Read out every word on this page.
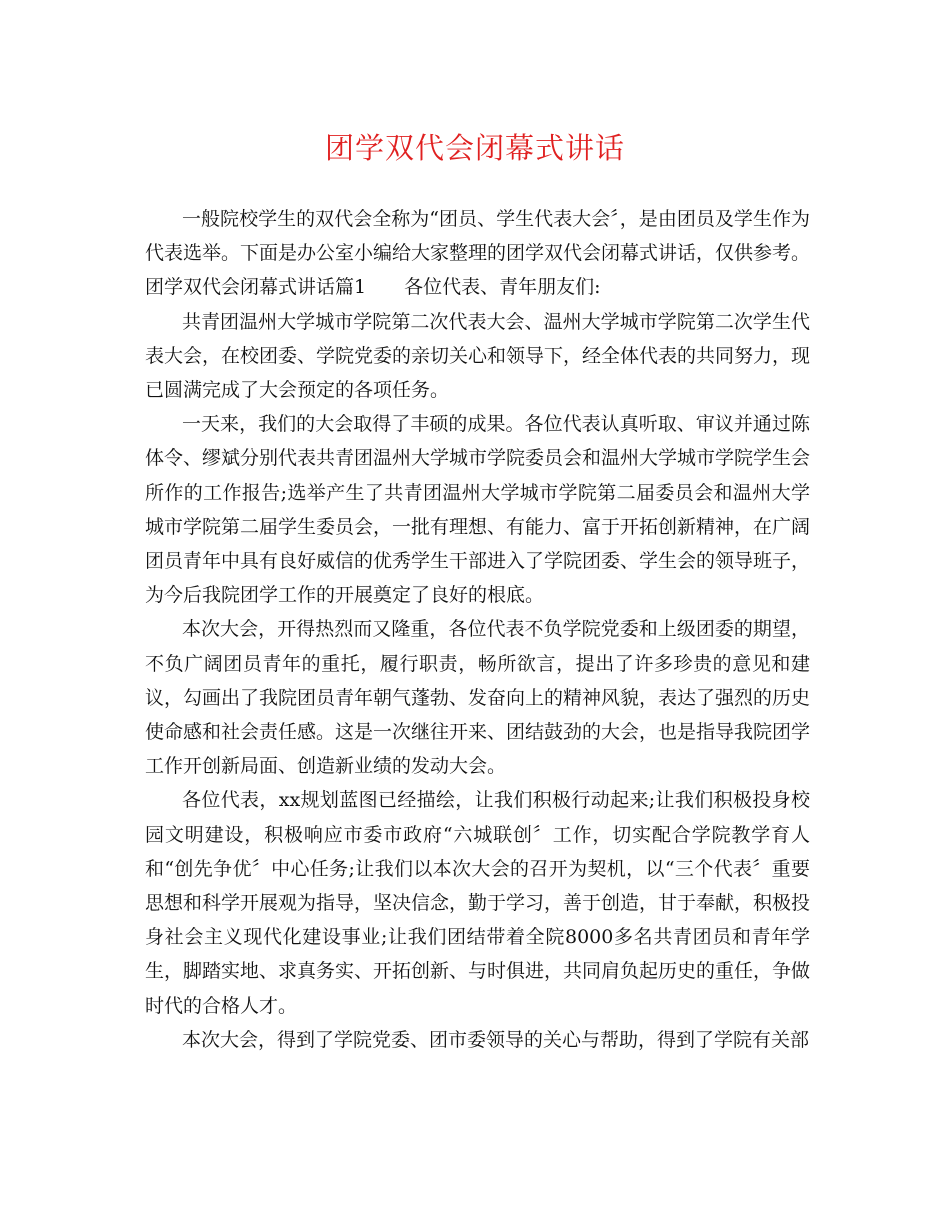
团学双代会闭幕式讲话

一般院校学生的双代会全称为“团员、学生代表大会〞，是由团员及学生作为代表选举。下面是办公室小编给大家整理的团学双代会闭幕式讲话，仅供参考。

团学双代会闭幕式讲话篇1 各位代表、青年朋友们:

共青团温州大学城市学院第二次代表大会、温州大学城市学院第二次学生代表大会，在校团委、学院党委的亲切关心和领导下，经全体代表的共同努力，现已圆满完成了大会预定的各项任务。

一天来，我们的大会取得了丰硕的成果。各位代表认真听取、审议并通过陈体令、缪斌分别代表共青团温州大学城市学院委员会和温州大学城市学院学生会所作的工作报告;选举产生了共青团温州大学城市学院第二届委员会和温州大学城市学院第二届学生委员会，一批有理想、有能力、富于开拓创新精神，在广阔团员青年中具有良好威信的优秀学生干部进入了学院团委、学生会的领导班子，为今后我院团学工作的开展奠定了良好的根底。

本次大会，开得热烈而又隆重，各位代表不负学院党委和上级团委的期望，不负广阔团员青年的重托，履行职责，畅所欲言，提出了许多珍贵的意见和建议，勾画出了我院团员青年朝气蓬勃、发奋向上的精神风貌，表达了强烈的历史使命感和社会责任感。这是一次继往开来、团结鼓劲的大会，也是指导我院团学工作开创新局面、创造新业绩的发动大会。

各位代表，xx规划蓝图已经描绘，让我们积极行动起来;让我们积极投身校园文明建设，积极响应市委市政府“六城联创〞工作，切实配合学院教学育人和“创先争优〞中心任务;让我们以本次大会的召开为契机，以“三个代表〞重要思想和科学开展观为指导，坚决信念，勤于学习，善于创造，甘于奉献，积极投身社会主义现代化建设事业;让我们团结带着全院8000多名共青团员和青年学生，脚踏实地、求真务实、开拓创新、与时俱进，共同肩负起历史的重任，争做时代的合格人才。

本次大会，得到了学院党委、团市委领导的关心与帮助，得到了学院有关部
